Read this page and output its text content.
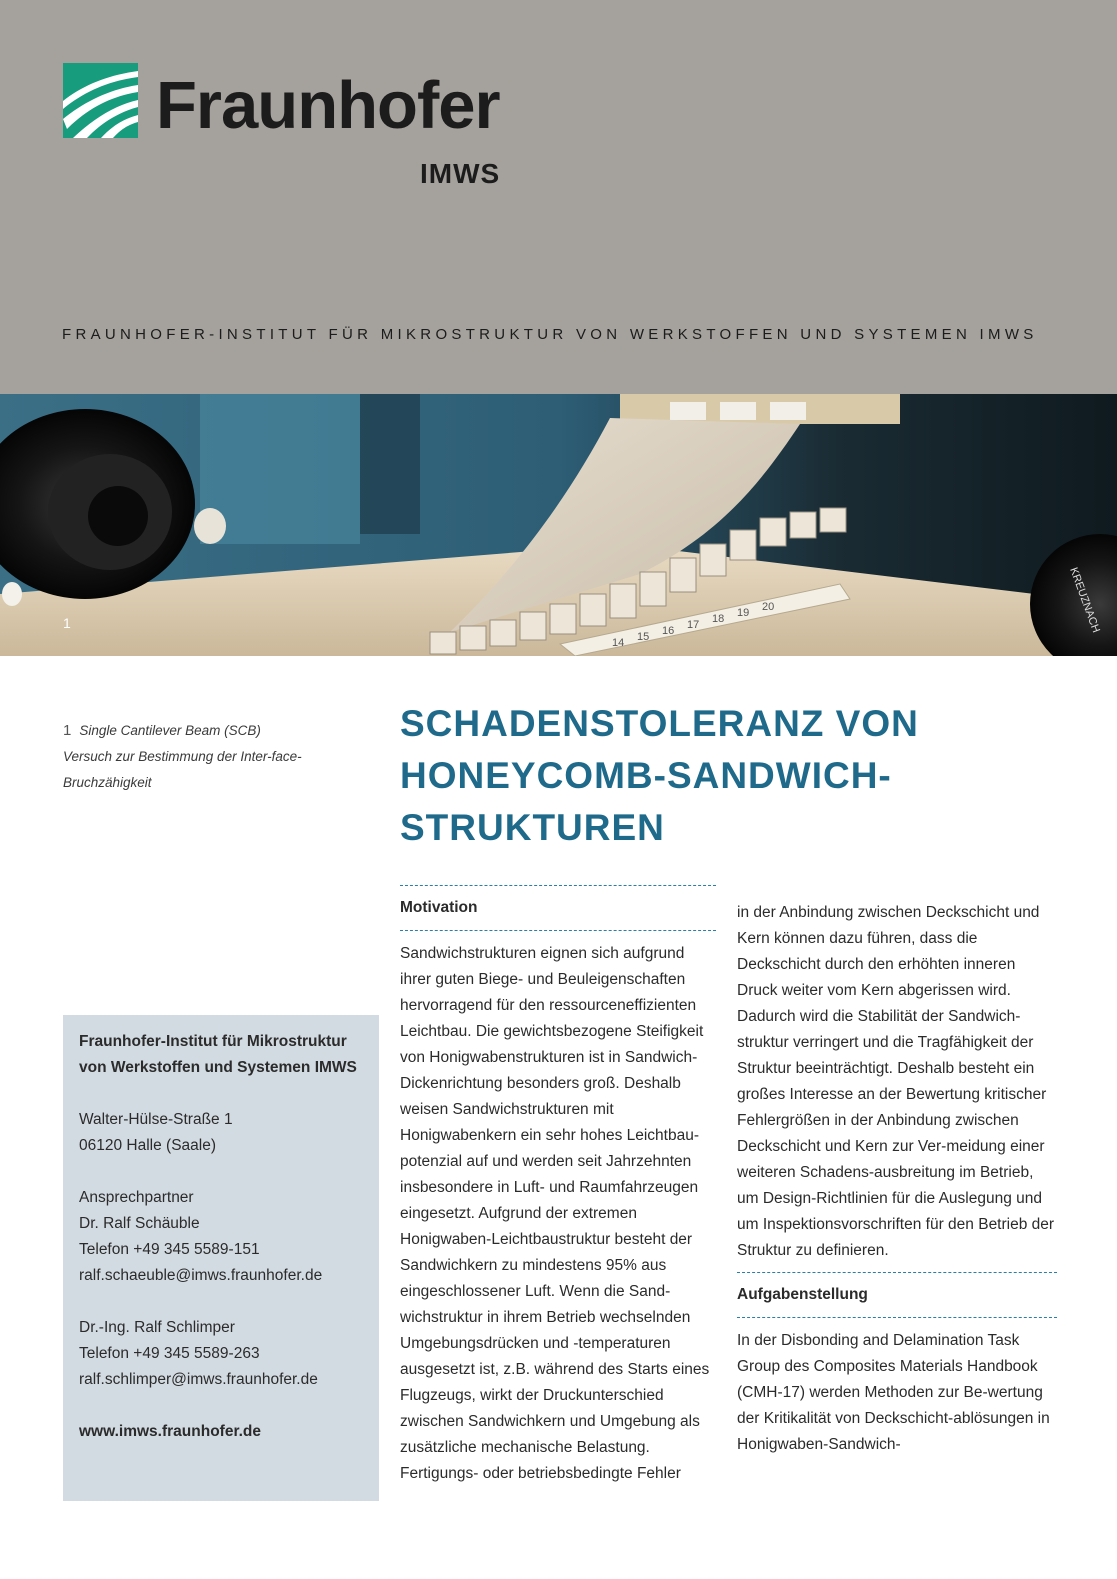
Fraunhofer
IMWS
FRAUNHOFER-INSTITUT FÜR MIKROSTRUKTUR VON WERKSTOFFEN UND SYSTEMEN IMWS
14 15 16 17 18 19 20	KREUZNACH
1
1 Single Cantilever Beam (SCB) Versuch zur Bestimmung der Inter-face-Bruchzähigkeit
SCHADENSTOLERANZ VON
HONEYCOMB-SANDWICH-
STRUKTUREN
Fraunhofer-Institut für Mikrostruktur von Werkstoffen und Systemen IMWS

Walter-Hülse-Straße 1
06120 Halle (Saale)

Ansprechpartner
Dr. Ralf Schäuble
Telefon +49 345 5589-151
ralf.schaeuble@imws.fraunhofer.de

Dr.-Ing. Ralf Schlimper
Telefon +49 345 5589-263
ralf.schlimper@imws.fraunhofer.de

www.imws.fraunhofer.de
Motivation

Sandwichstrukturen eignen sich aufgrund ihrer guten Biege- und Beuleigenschaften hervorragend für den ressourceneffizienten Leichtbau. Die gewichtsbezogene Steifigkeit von Honigwabenstrukturen ist in Sandwich-Dickenrichtung besonders groß. Deshalb weisen Sandwichstrukturen mit Honigwabenkern ein sehr hohes Leichtbau-potenzial auf und werden seit Jahrzehnten insbesondere in Luft- und Raumfahrzeugen eingesetzt. Aufgrund der extremen Honigwaben-Leichtbaustruktur besteht der Sandwichkern zu mindestens 95% aus eingeschlossener Luft. Wenn die Sand-wichstruktur in ihrem Betrieb wechselnden Umgebungsdrücken und -temperaturen ausgesetzt ist, z.B. während des Starts eines Flugzeugs, wirkt der Druckunterschied zwischen Sandwichkern und Umgebung als zusätzliche mechanische Belastung. Fertigungs- oder betriebsbedingte Fehler

in der Anbindung zwischen Deckschicht und Kern können dazu führen, dass die Deckschicht durch den erhöhten inneren Druck weiter vom Kern abgerissen wird. Dadurch wird die Stabilität der Sandwich-struktur verringert und die Tragfähigkeit der Struktur beeinträchtigt. Deshalb besteht ein großes Interesse an der Bewertung kritischer Fehlergrößen in der Anbindung zwischen Deckschicht und Kern zur Ver-meidung einer weiteren Schadens-ausbreitung im Betrieb, um Design-Richtlinien für die Auslegung und um Inspektionsvorschriften für den Betrieb der Struktur zu definieren.

Aufgabenstellung

In der Disbonding and Delamination Task Group des Composites Materials Handbook (CMH-17) werden Methoden zur Be-wertung der Kritikalität von Deckschicht-ablösungen in Honigwaben-Sandwich-
